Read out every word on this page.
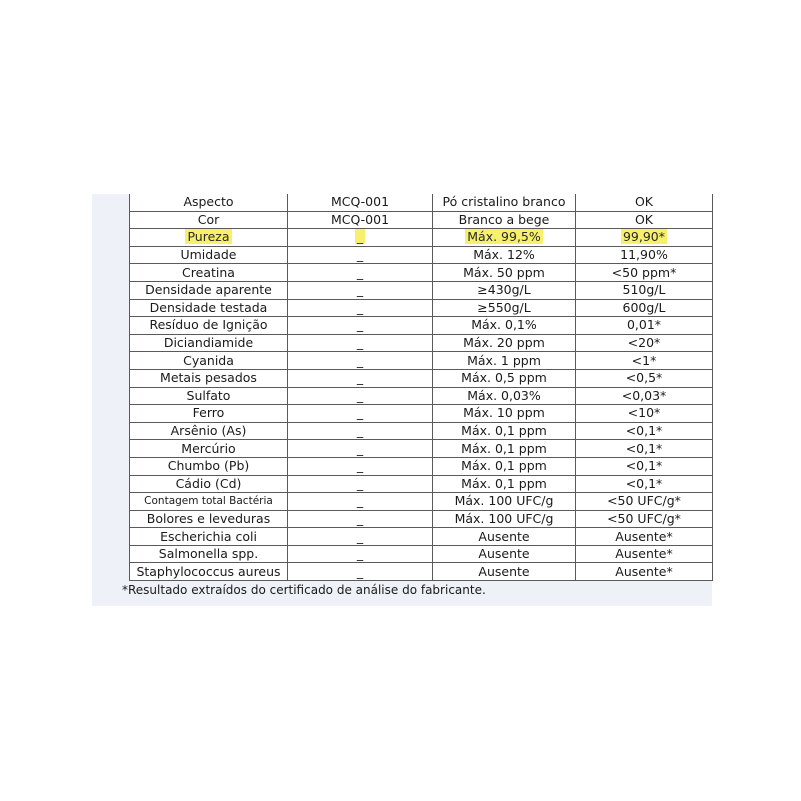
Aspecto	MCQ-001	Pó cristalino branco	OK
Cor	MCQ-001	Branco a bege	OK
Pureza	_	Máx. 99,5%	99,90*
Umidade	_	Máx. 12%	11,90%
Creatina	_	Máx. 50 ppm	<50 ppm*
Densidade aparente	_	≥430g/L	510g/L
Densidade testada	_	≥550g/L	600g/L
Resíduo de Ignição	_	Máx. 0,1%	0,01*
Diciandiamide	_	Máx. 20 ppm	<20*
Cyanida	_	Máx. 1 ppm	<1*
Metais pesados	_	Máx. 0,5 ppm	<0,5*
Sulfato	_	Máx. 0,03%	<0,03*
Ferro	_	Máx. 10 ppm	<10*
Arsênio (As)	_	Máx. 0,1 ppm	<0,1*
Mercúrio	_	Máx. 0,1 ppm	<0,1*
Chumbo (Pb)	_	Máx. 0,1 ppm	<0,1*
Cádio (Cd)	_	Máx. 0,1 ppm	<0,1*
Contagem total Bactéria	_	Máx. 100 UFC/g	<50 UFC/g*
Bolores e leveduras	_	Máx. 100 UFC/g	<50 UFC/g*
Escherichia coli	_	Ausente	Ausente*
Salmonella spp.	_	Ausente	Ausente*
Staphylococcus aureus	_	Ausente	Ausente*
*Resultado extraídos do certificado de análise do fabricante.
